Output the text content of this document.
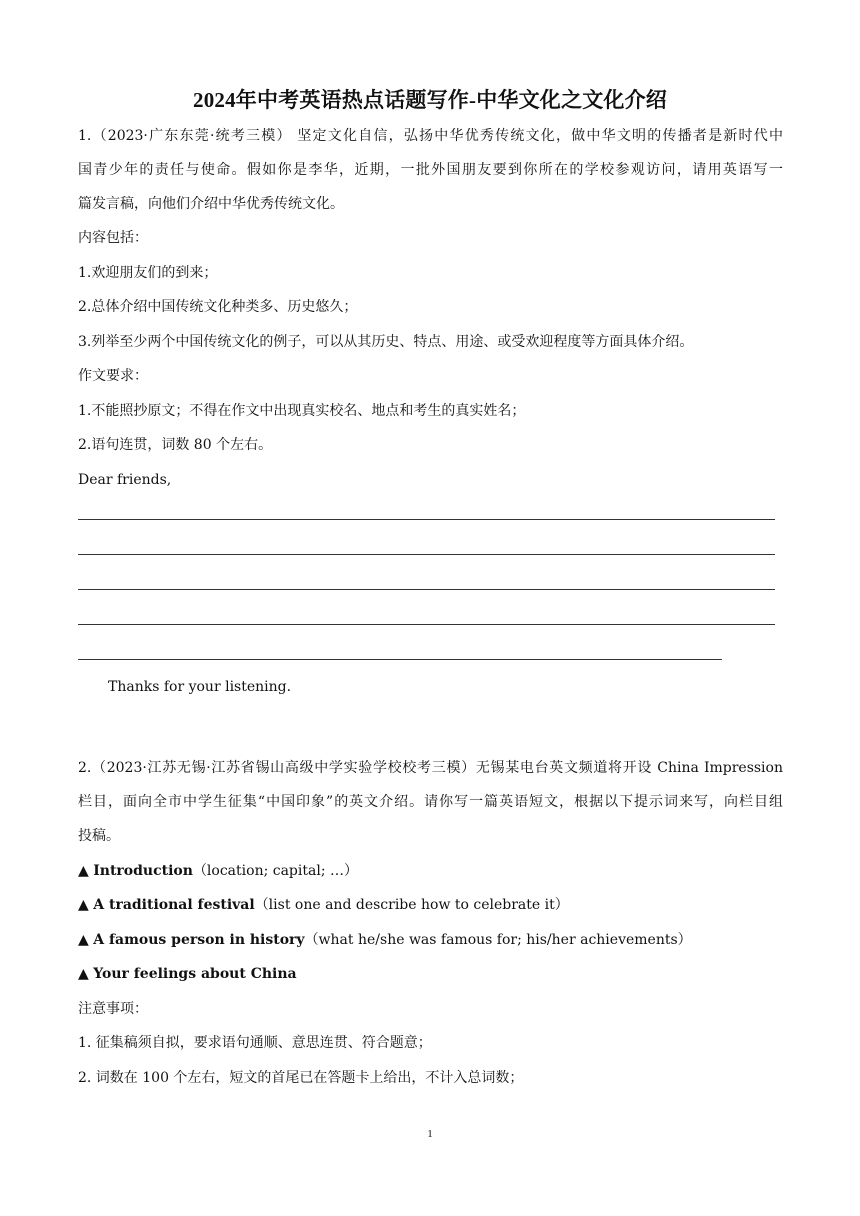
2024年中考英语热点话题写作-中华文化之文化介绍
1.（2023·广东东莞·统考三模） 坚定文化自信，弘扬中华优秀传统文化，做中华文明的传播者是新时代中
国青少年的责任与使命。假如你是李华，近期，一批外国朋友要到你所在的学校参观访问，请用英语写一
篇发言稿，向他们介绍中华优秀传统文化。
内容包括：
1.欢迎朋友们的到来；
2.总体介绍中国传统文化种类多、历史悠久；
3.列举至少两个中国传统文化的例子，可以从其历史、特点、用途、或受欢迎程度等方面具体介绍。
作文要求：
1.不能照抄原文；不得在作文中出现真实校名、地点和考生的真实姓名；
2.语句连贯，词数 80 个左右。
Dear friends,
Thanks for your listening.
2.（2023·江苏无锡·江苏省锡山高级中学实验学校校考三模）无锡某电台英文频道将开设 China Impression
栏目，面向全市中学生征集“中国印象”的英文介绍。请你写一篇英语短文，根据以下提示词来写，向栏目组
投稿。
▲ Introduction（location; capital; …）
▲ A traditional festival（list one and describe how to celebrate it）
▲ A famous person in history（what he/she was famous for; his/her achievements）
▲ Your feelings about China
注意事项：
1. 征集稿须自拟，要求语句通顺、意思连贯、符合题意；
2. 词数在 100 个左右，短文的首尾已在答题卡上给出，不计入总词数；
1
